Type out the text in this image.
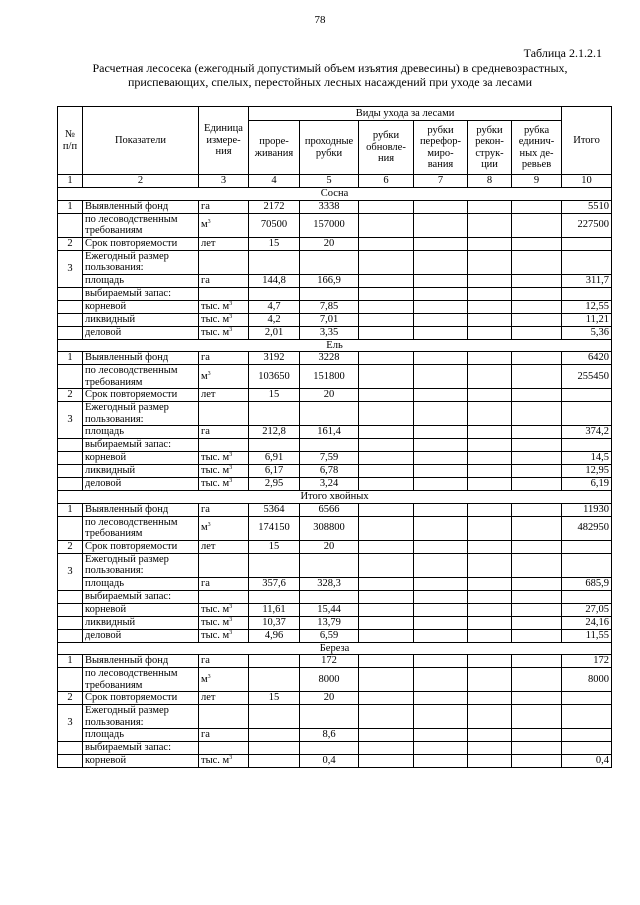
78
Таблица 2.1.2.1
Расчетная лесосека (ежегодный допустимый объем изъятия древесины) в средневозрастных, приспевающих, спелых, перестойных лесных насаждений при уходе за лесами
№ п/п	Показатели	Единица измере-ния	Виды ухода за лесами						Итого
			проре-живания	проходные рубки	рубки обновле-ния	рубки перефор-миро-вания	рубки рекон-струк-ции	рубка единич-ных де-ревьев	
1	2	3	4	5	6	7	8	9	10
Сосна									
1	Выявленный фонд	га	2172	3338					5510
	по лесоводственным требованиям	$м^3$	70500	157000					227500
2	Срок повторяемости	лет	15	20					
3	Ежегодный размер пользования:								
	площадь	га	144,8	166,9					311,7
	выбираемый запас:								
	корневой	тыс. $м^3$	4,7	7,85					12,55
	ликвидный	тыс. $м^3$	4,2	7,01					11,21
	деловой	тыс. $м^3$	2,01	3,35					5,36
Ель									
1	Выявленный фонд	га	3192	3228					6420
	по лесоводственным требованиям	$м^3$	103650	151800					255450
2	Срок повторяемости	лет	15	20					
3	Ежегодный размер пользования:								
	площадь	га	212,8	161,4					374,2
	выбираемый запас:								
	корневой	тыс. $м^3$	6,91	7,59					14,5
	ликвидный	тыс. $м^3$	6,17	6,78					12,95
	деловой	тыс. $м^3$	2,95	3,24					6,19
Итого хвойных									
1	Выявленный фонд	га	5364	6566					11930
	по лесоводственным требованиям	$м^3$	174150	308800					482950
2	Срок повторяемости	лет	15	20					
3	Ежегодный размер пользования:								
	площадь	га	357,6	328,3					685,9
	выбираемый запас:								
	корневой	тыс. $м^3$	11,61	15,44					27,05
	ликвидный	тыс. $м^3$	10,37	13,79					24,16
	деловой	тыс. $м^3$	4,96	6,59					11,55
Береза									
1	Выявленный фонд	га		172					172
	по лесоводственным требованиям	$м^3$		8000					8000
2	Срок повторяемости	лет	15	20					
3	Ежегодный размер пользования:								
	площадь	га		8,6					
	выбираемый запас:								
	корневой	тыс. $м^3$		0,4					0,4
